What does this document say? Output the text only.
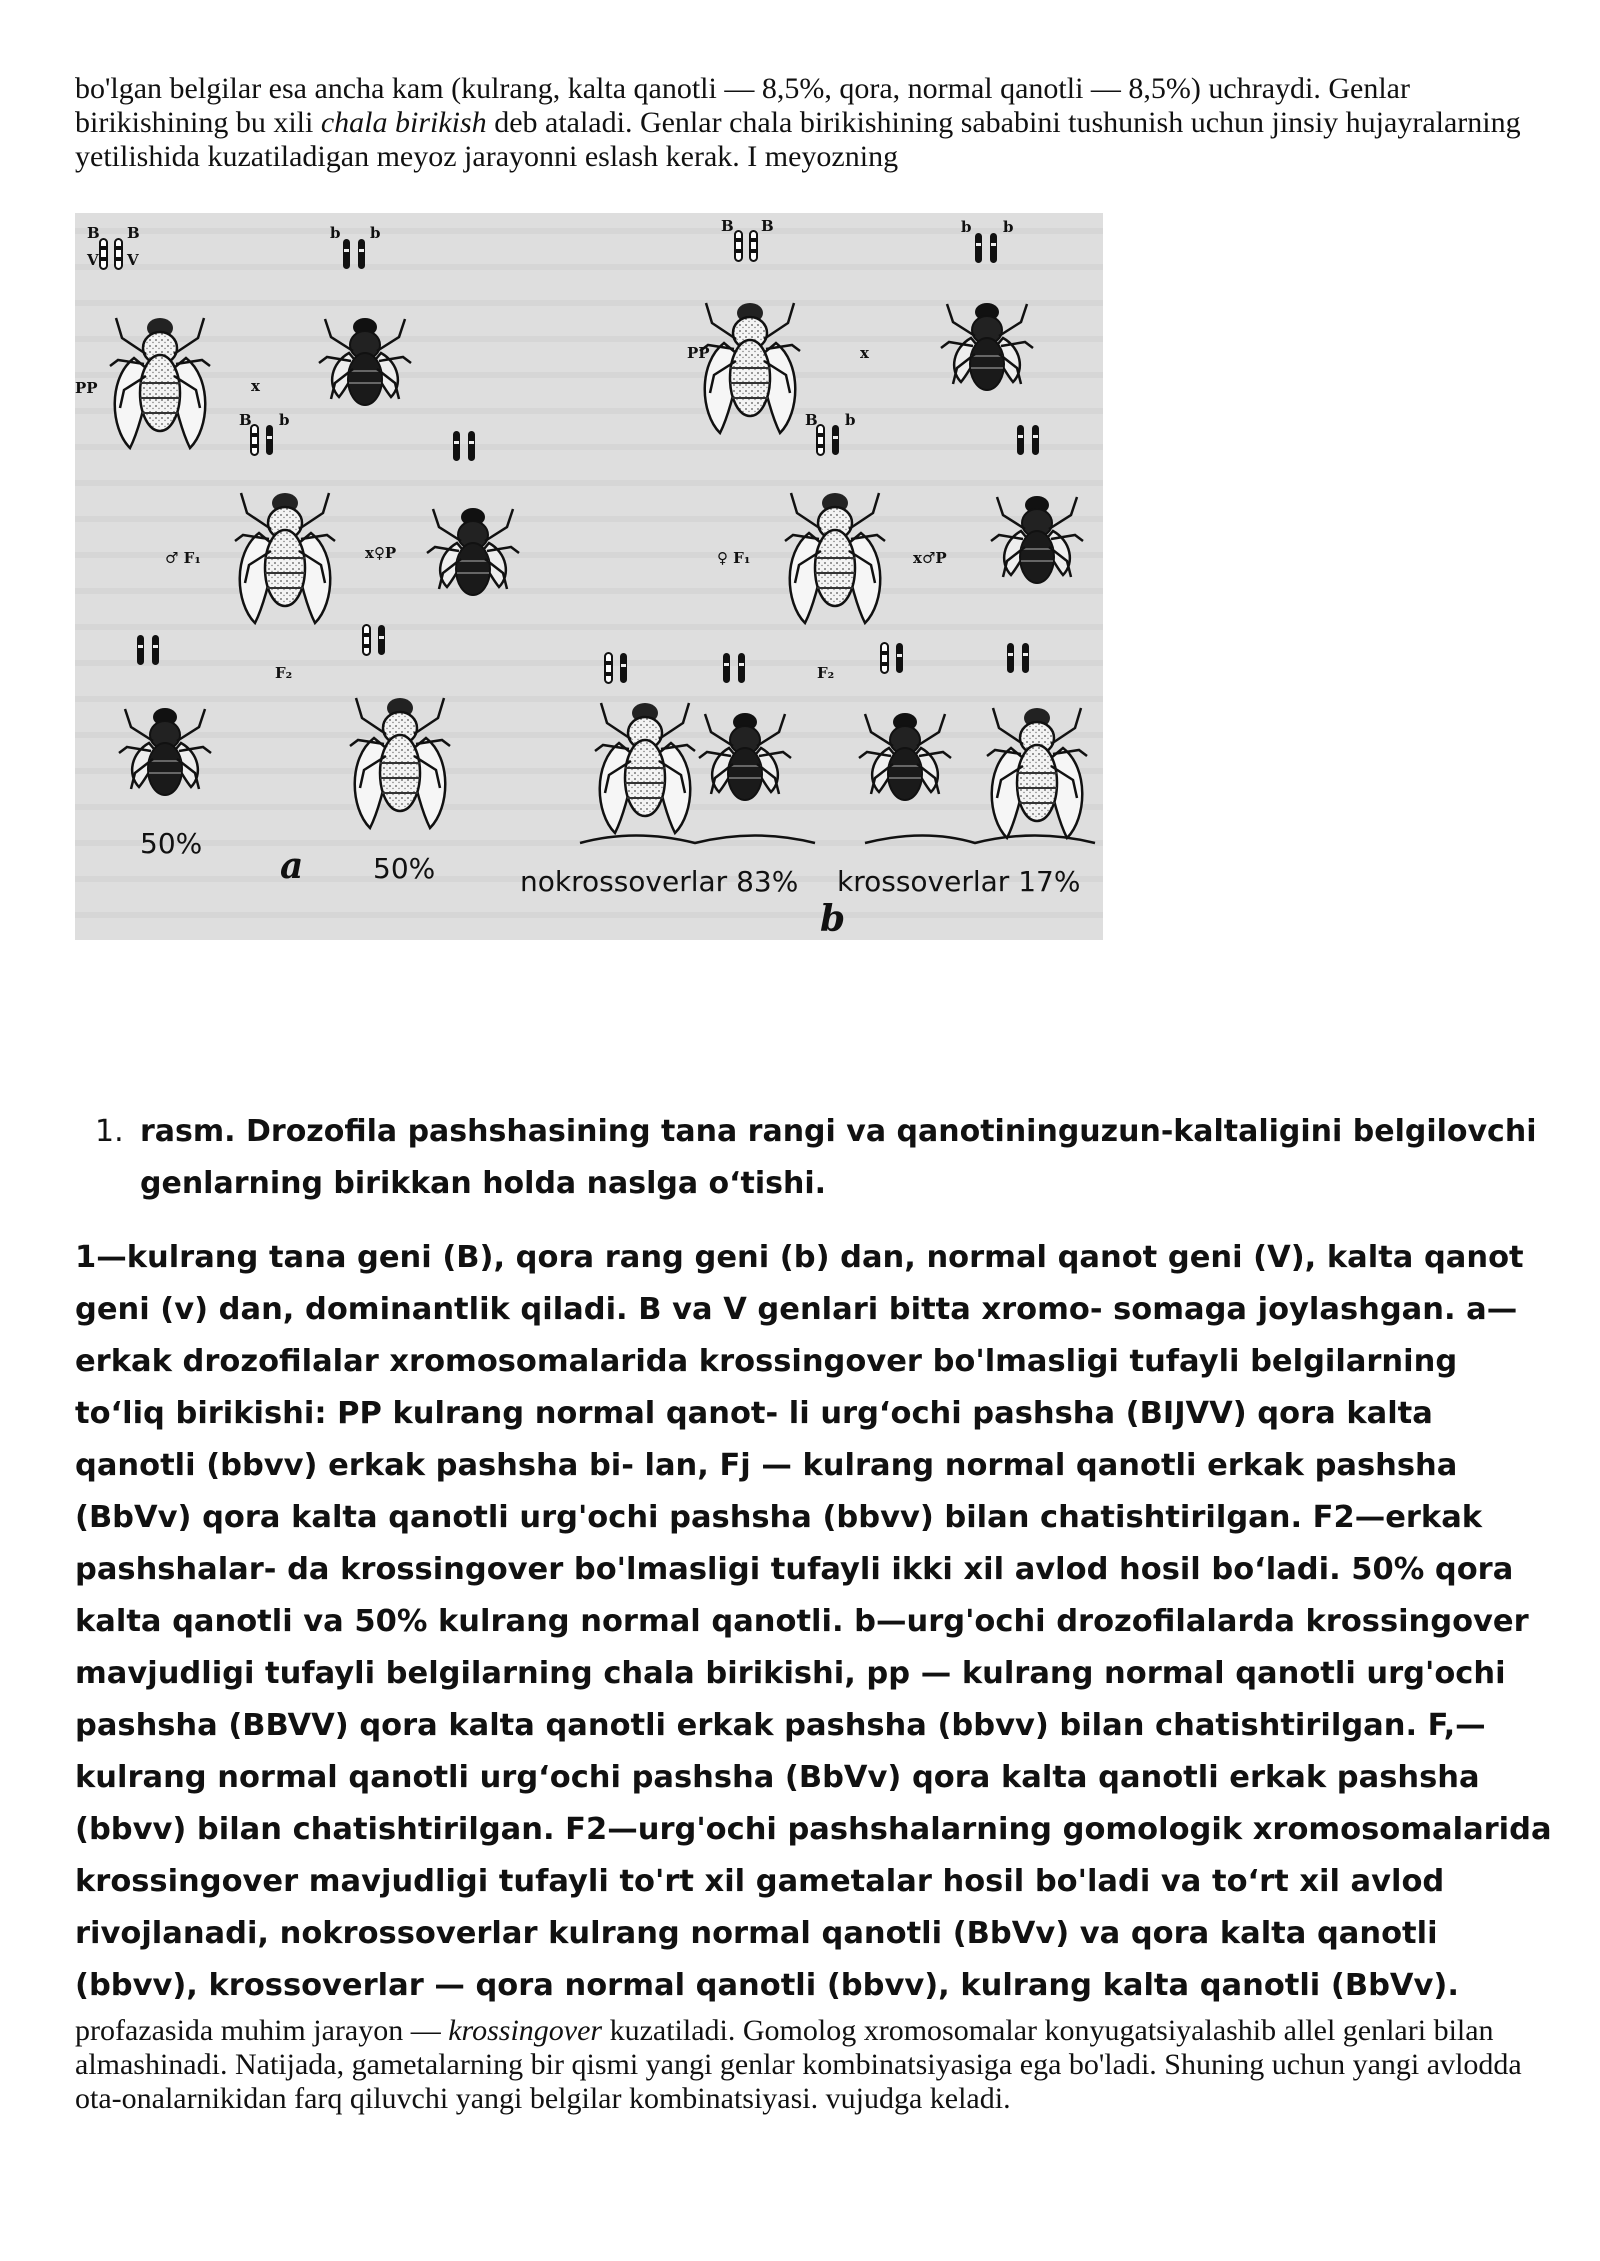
bo'lgan belgilar esa ancha kam (kulrang, kalta qanotli — 8,5%, qora, normal qanotli — 8,5%) uchraydi. Genlar birikishining bu xili chala birikish deb ataladi. Genlar chala birikishining sababini tushunish uchun jinsiy hujayralarning yetilishida kuzatiladigan meyoz jarayonni eslash kerak. I meyozning

B B
V V
b b	B B	b b
PP
PP
x
x
B b	B b
♂ F₁	x♀P	♀ F₁	x♂P
F₂	F₂
50%
a 50%	nokrossoverlar 83% krossoverlar 17%
b
1. rasm. Drozofila pashshasining tana rangi va qanotininguzun-kaltaligini belgilovchi genlarning birikkan holda naslga o‘tishi.

1—kulrang tana geni (B), qora rang geni (b) dan, normal qanot geni (V), kalta qanot geni (v) dan, dominantlik qiladi. B va V genlari bitta xromo- somaga joylashgan. a—erkak drozofilalar xromosomalarida krossingover bo'lmasligi tufayli belgilarning to‘liq birikishi: PP kulrang normal qanot- li urg‘ochi pashsha (BIJVV) qora kalta qanotli (bbvv) erkak pashsha bi- lan, Fj — kulrang normal qanotli erkak pashsha (BbVv) qora kalta qanotli urg'ochi pashsha (bbvv) bilan chatishtirilgan. F2—erkak pashshalar- da krossingover bo'lmasligi tufayli ikki xil avlod hosil bo‘ladi. 50% qora kalta qanotli va 50% kulrang normal qanotli. b—urg'ochi drozofilalarda krossingover mavjudligi tufayli belgilarning chala birikishi, pp — kulrang normal qanotli urg'ochi pashsha (BBVV) qora kalta qanotli erkak pashsha (bbvv) bilan chatishtirilgan. F,—kulrang normal qanotli urg‘ochi pashsha (BbVv) qora kalta qanotli erkak pashsha (bbvv) bilan chatishtirilgan. F2—urg'ochi pashshalarning gomologik xromosomalarida krossingover mavjudligi tufayli to'rt xil gametalar hosil bo'ladi va to‘rt xil avlod rivojlanadi, nokrossoverlar kulrang normal qanotli (BbVv) va qora kalta qanotli (bbvv), krossoverlar — qora normal qanotli (bbvv), kulrang kalta qanotli (BbVv).

profazasida muhim jarayon — krossingover kuzatiladi. Gomolog xromosomalar konyugatsiyalashib allel genlari bilan almashinadi. Natijada, gametalarning bir qismi yangi genlar kombinatsiyasiga ega bo'ladi. Shuning uchun yangi avlodda ota-onalarnikidan farq qiluvchi yangi belgilar kombinatsiyasi. vujudga keladi.
